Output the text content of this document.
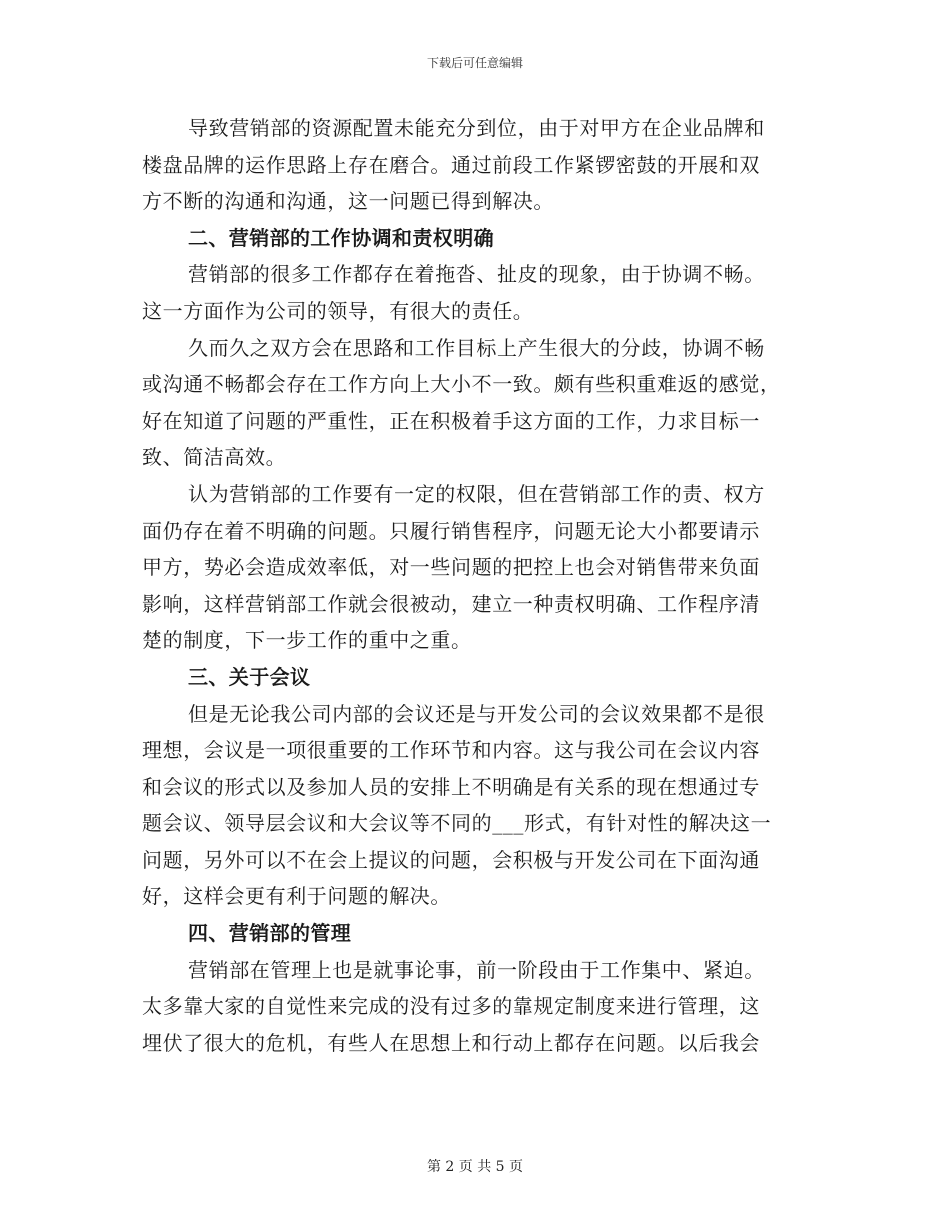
下载后可任意编辑
导致营销部的资源配置未能充分到位，由于对甲方在企业品牌和
楼盘品牌的运作思路上存在磨合。通过前段工作紧锣密鼓的开展和双
方不断的沟通和沟通，这一问题已得到解决。
二、营销部的工作协调和责权明确
营销部的很多工作都存在着拖沓、扯皮的现象，由于协调不畅。
这一方面作为公司的领导，有很大的责任。
久而久之双方会在思路和工作目标上产生很大的分歧，协调不畅
或沟通不畅都会存在工作方向上大小不一致。颇有些积重难返的感觉，
好在知道了问题的严重性，正在积极着手这方面的工作，力求目标一
致、简洁高效。
认为营销部的工作要有一定的权限，但在营销部工作的责、权方
面仍存在着不明确的问题。只履行销售程序，问题无论大小都要请示
甲方，势必会造成效率低，对一些问题的把控上也会对销售带来负面
影响，这样营销部工作就会很被动，建立一种责权明确、工作程序清
楚的制度，下一步工作的重中之重。
三、关于会议
但是无论我公司内部的会议还是与开发公司的会议效果都不是很
理想，会议是一项很重要的工作环节和内容。这与我公司在会议内容
和会议的形式以及参加人员的安排上不明确是有关系的现在想通过专
题会议、领导层会议和大会议等不同的___形式，有针对性的解决这一
问题，另外可以不在会上提议的问题，会积极与开发公司在下面沟通
好，这样会更有利于问题的解决。
四、营销部的管理
营销部在管理上也是就事论事，前一阶段由于工作集中、紧迫。
太多靠大家的自觉性来完成的没有过多的靠规定制度来进行管理，这
埋伏了很大的危机，有些人在思想上和行动上都存在问题。以后我会
第 2 页 共 5 页
